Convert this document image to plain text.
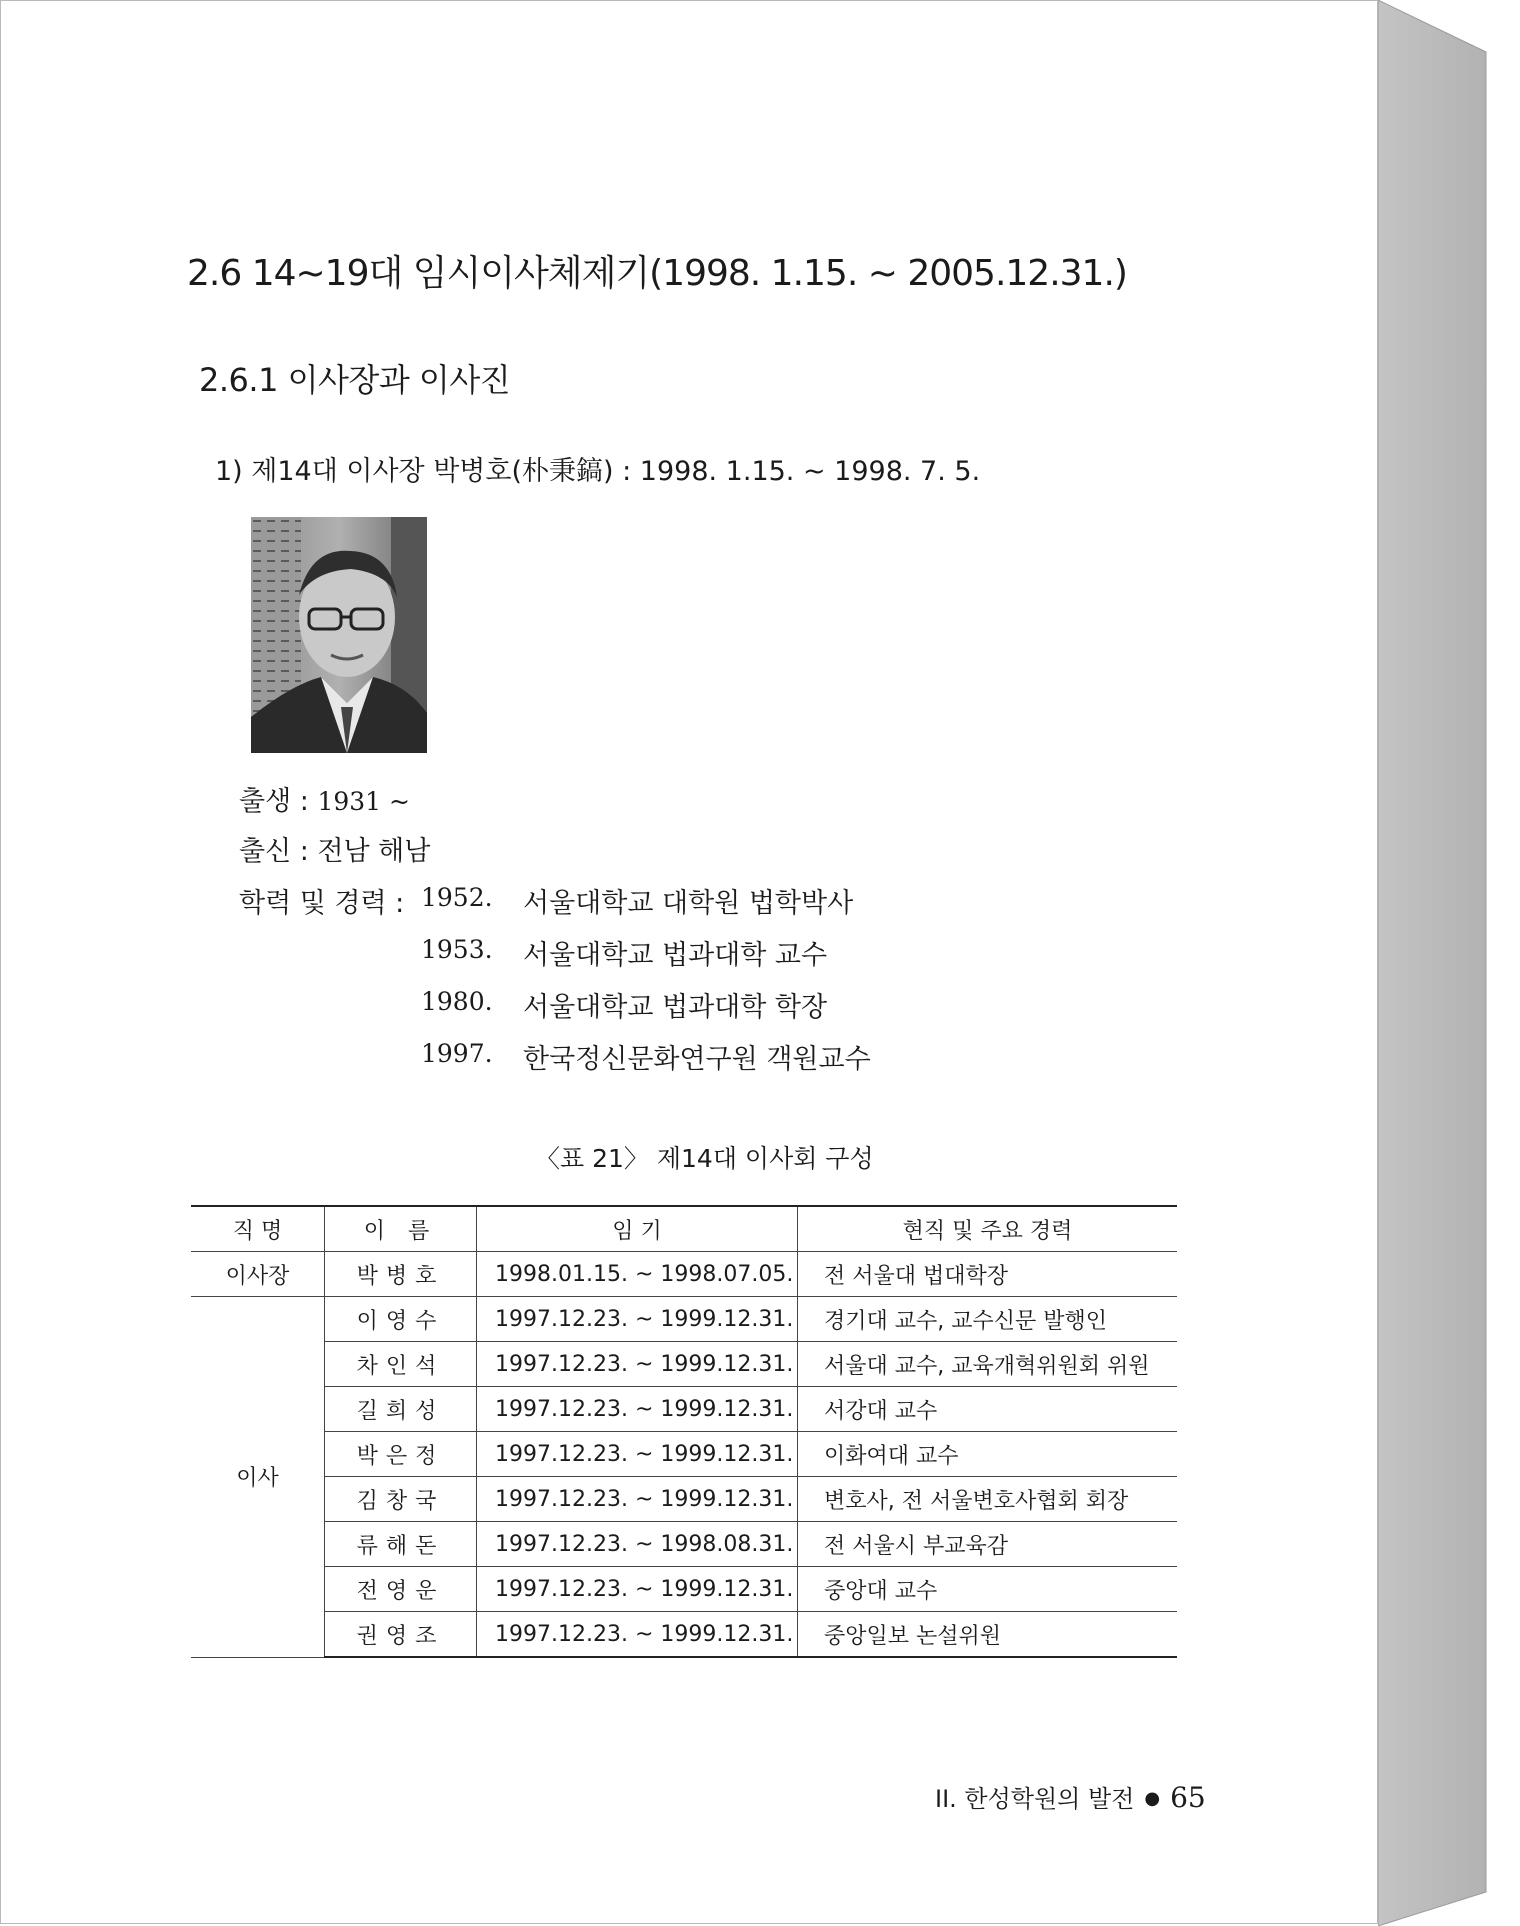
2.6 14~19대 임시이사체제기(1998. 1.15. ~ 2005.12.31.)
2.6.1 이사장과 이사진
1) 제14대 이사장 박병호(朴秉鎬) : 1998. 1.15. ~ 1998. 7. 5.
출생 : 1931 ~
출신 : 전남 해남
학력 및 경력 : 1952. 서울대학교 대학원 법학박사
1953. 서울대학교 법과대학 교수
1980. 서울대학교 법과대학 학장
1997. 한국정신문화연구원 객원교수
〈표 21〉 제14대 이사회 구성
직 명	이 름	임 기	현직 및 주요 경력
이사장	박병호	1998.01.15. ~ 1998.07.05.	전 서울대 법대학장
이사	이영수	1997.12.23. ~ 1999.12.31.	경기대 교수, 교수신문 발행인
	차인석	1997.12.23. ~ 1999.12.31.	서울대 교수, 교육개혁위원회 위원
	길희성	1997.12.23. ~ 1999.12.31.	서강대 교수
	박은정	1997.12.23. ~ 1999.12.31.	이화여대 교수
	김창국	1997.12.23. ~ 1999.12.31.	변호사, 전 서울변호사협회 회장
	류해돈	1997.12.23. ~ 1998.08.31.	전 서울시 부교육감
	전영운	1997.12.23. ~ 1999.12.31.	중앙대 교수
	권영조	1997.12.23. ~ 1999.12.31.	중앙일보 논설위원
II. 한성학원의 발전 ● 65
